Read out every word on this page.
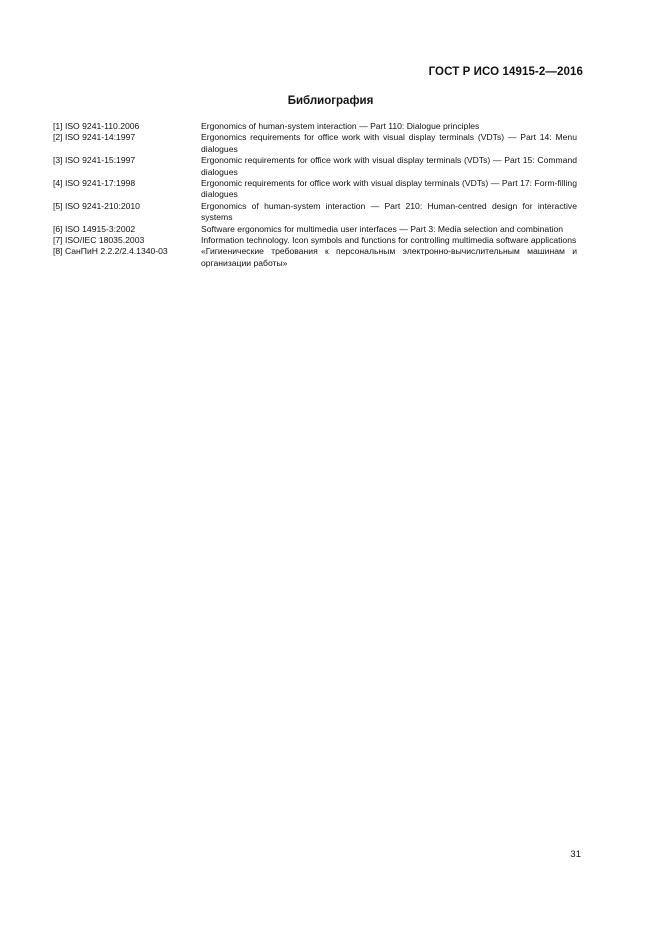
ГОСТ Р ИСО 14915-2—2016
Библиография
[1] ISO 9241-110.2006	Ergonomics of human-system interaction — Part 110: Dialogue principles
[2] ISO 9241-14:1997	Ergonomics requirements for office work with visual display terminals (VDTs) — Part 14: Menu dialogues
[3] ISO 9241-15:1997	Ergonomic requirements for office work with visual display terminals (VDTs) — Part 15: Command dialogues
[4] ISO 9241-17:1998	Ergonomic requirements for office work with visual display terminals (VDTs) — Part 17: Form-filling dialogues
[5] ISO 9241-210:2010	Ergonomics of human-system interaction — Part 210: Human-centred design for interactive systems
[6] ISO 14915-3:2002	Software ergonomics for multimedia user interfaces — Part 3: Media selection and combination
[7] ISO/IEC 18035.2003	Information technology. Icon symbols and functions for controlling multimedia software applications
[8] СанПиН 2.2.2/2.4.1340-03	«Гигиенические требования к персональным электронно-вычислительным машинам и организации работы»
31
